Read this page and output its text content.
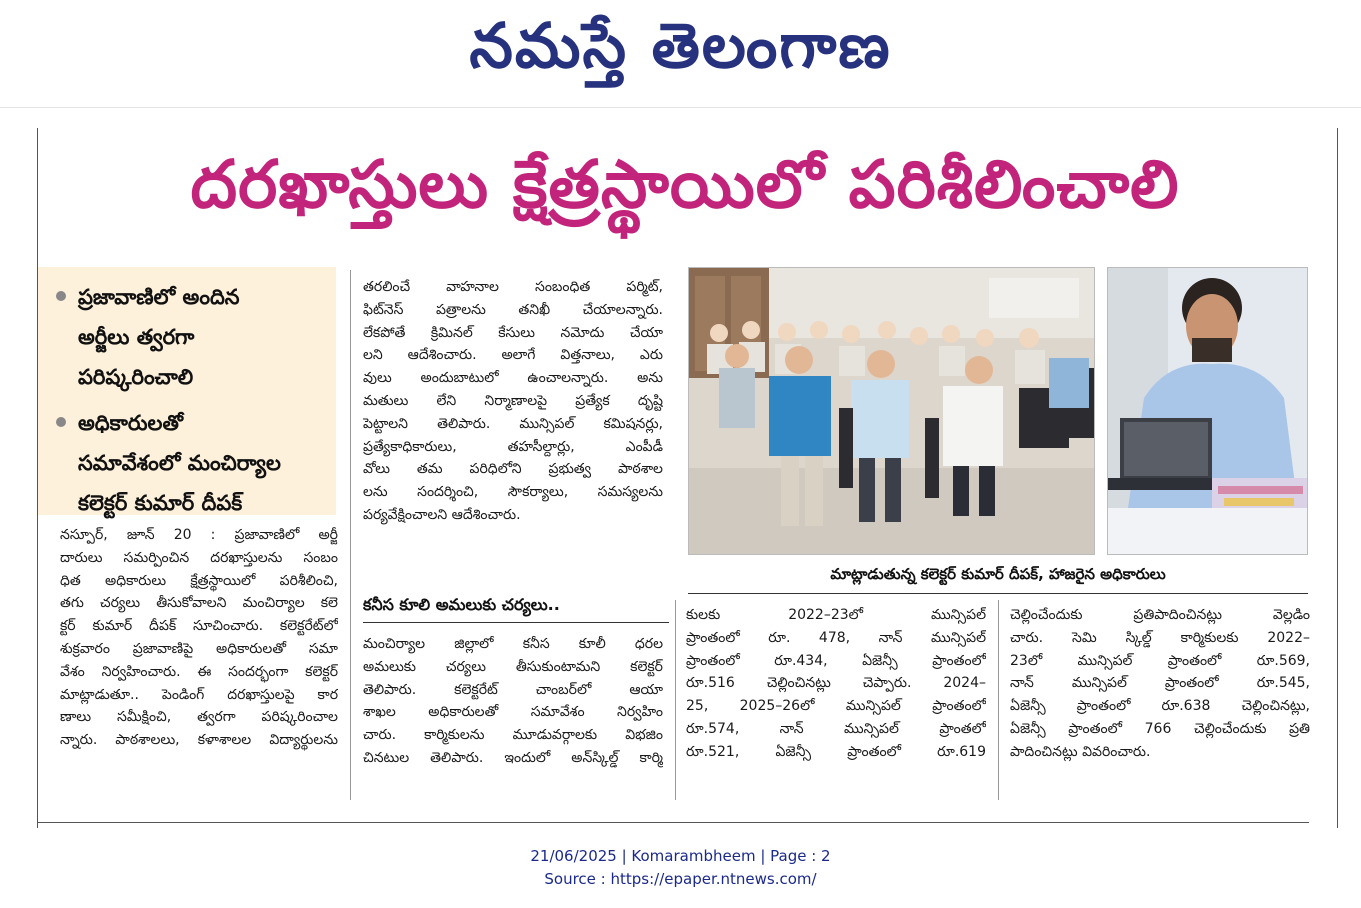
నమస్తే తెలంగాణ
దరఖాస్తులు క్షేత్రస్థాయిలో పరిశీలించాలి
ప్రజావాణిలో అందిన
అర్జీలు త్వరగా
పరిష్కరించాలి
అధికారులతో
సమావేశంలో మంచిర్యాల
కలెక్టర్ కుమార్ దీపక్

నస్పూర్, జూన్ 20 : ప్రజావాణిలో అర్జీ

దారులు సమర్పించిన దరఖాస్తులను సంబం

ధిత అధికారులు క్షేత్రస్థాయిలో పరిశీలించి,

తగు చర్యలు తీసుకోవాలని మంచిర్యాల కలె

క్టర్ కుమార్ దీపక్ సూచించారు. కలెక్టరేట్‌లో

శుక్రవారం ప్రజావాణిపై అధికారులతో సమా

వేశం నిర్వహించారు. ఈ సందర్భంగా కలెక్టర్

మాట్లాడుతూ.. పెండింగ్ దరఖాస్తులపై కార

ణాలు సమీక్షించి, త్వరగా పరిష్కరించాల

న్నారు. పాఠశాలలు, కళాశాలల విద్యార్థులను

తరలించే వాహనాల సంబంధిత పర్మిట్,

ఫిట్‌నెస్ పత్రాలను తనిఖీ చేయాలన్నారు.

లేకపోతే క్రిమినల్ కేసులు నమోదు చేయా

లని ఆదేశించారు. అలాగే విత్తనాలు, ఎరు

వులు అందుబాటులో ఉంచాలన్నారు. అను

మతులు లేని నిర్మాణాలపై ప్రత్యేక దృష్టి

పెట్టాలని తెలిపారు. మున్సిపల్ కమిషనర్లు,

ప్రత్యేకాధికారులు, తహసీల్దార్లు, ఎంపీడీ

వోలు తమ పరిధిలోని ప్రభుత్వ పాఠశాల

లను సందర్శించి, సౌకర్యాలు, సమస్యలను

పర్యవేక్షించాలని ఆదేశించారు.

కనీస కూలి అమలుకు చర్యలు..

మంచిర్యాల జిల్లాలో కనీస కూలీ ధరల

అమలుకు చర్యలు తీసుకుంటామని కలెక్టర్

తెలిపారు. కలెక్టరేట్ చాంబర్‌లో ఆయా

శాఖల అధికారులతో సమావేశం నిర్వహిం

చారు. కార్మికులను మూడువర్గాలకు విభజిం

చినటుల తెలిపారు. ఇందులో అన్‌స్కిల్డ్ కార్మి

మాట్లాడుతున్న కలెక్టర్ కుమార్ దీపక్, హాజరైన అధికారులు

కులకు 2022–23లో మున్సిపల్

ప్రాంతంలో రూ. 478, నాన్ మున్సిపల్

ప్రాంతంలో రూ.434, ఏజెన్సీ ప్రాంతంలో

రూ.516 చెల్లించినట్లు చెప్పారు. 2024–

25, 2025–26లో మున్సిపల్ ప్రాంతంలో

రూ.574, నాన్ మున్సిపల్ ప్రాంతలో

రూ.521, ఏజెన్సీ ప్రాంతంలో రూ.619

చెల్లించేందుకు ప్రతిపాదించినట్లు వెల్లడిం

చారు. సెమి స్కిల్డ్ కార్మికులకు 2022–

23లో మున్సిపల్ ప్రాంతంలో రూ.569,

నాన్ మున్సిపల్ ప్రాంతంలో రూ.545,

ఏజెన్సీ ప్రాంతంలో రూ.638 చెల్లించినట్లు,

ఏజెన్సీ ప్రాంతంలో 766 చెల్లించేందుకు ప్రతి

పాదించినట్లు వివరించారు.

21/06/2025 | Komarambheem | Page : 2
Source : https://epaper.ntnews.com/
